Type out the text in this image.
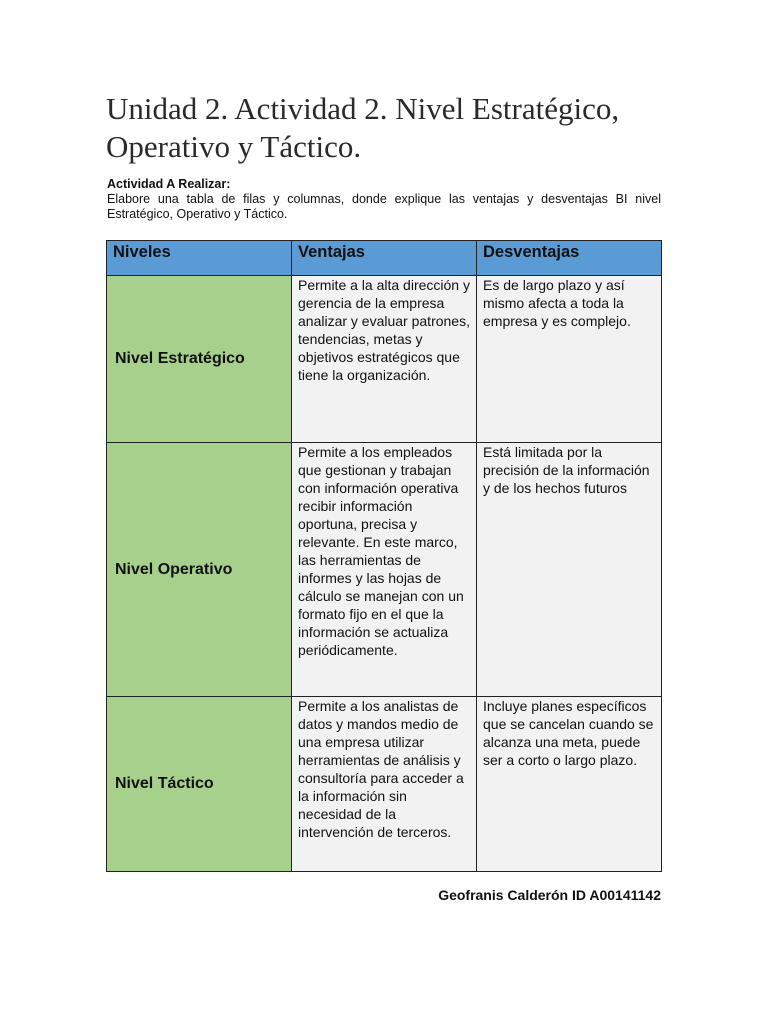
Unidad 2. Actividad 2. Nivel Estratégico, Operativo y Táctico.
Actividad A Realizar:
Elabore una tabla de filas y columnas, donde explique las ventajas y desventajas BI nivel Estratégico, Operativo y Táctico.
Niveles	Ventajas	Desventajas
Nivel Estratégico	Permite a la alta dirección y gerencia de la empresa analizar y evaluar patrones, tendencias, metas y objetivos estratégicos que tiene la organización.	Es de largo plazo y así mismo afecta a toda la empresa y es complejo.
Nivel Operativo	Permite a los empleados que gestionan y trabajan con información operativa recibir información oportuna, precisa y relevante. En este marco, las herramientas de informes y las hojas de cálculo se manejan con un formato fijo en el que la información se actualiza periódicamente.	Está limitada por la precisión de la información y de los hechos futuros
Nivel Táctico	Permite a los analistas de datos y mandos medio de una empresa utilizar herramientas de análisis y consultoría para acceder a la información sin necesidad de la intervención de terceros.	Incluye planes específicos que se cancelan cuando se alcanza una meta, puede ser a corto o largo plazo.
Geofranis Calderón ID A00141142
